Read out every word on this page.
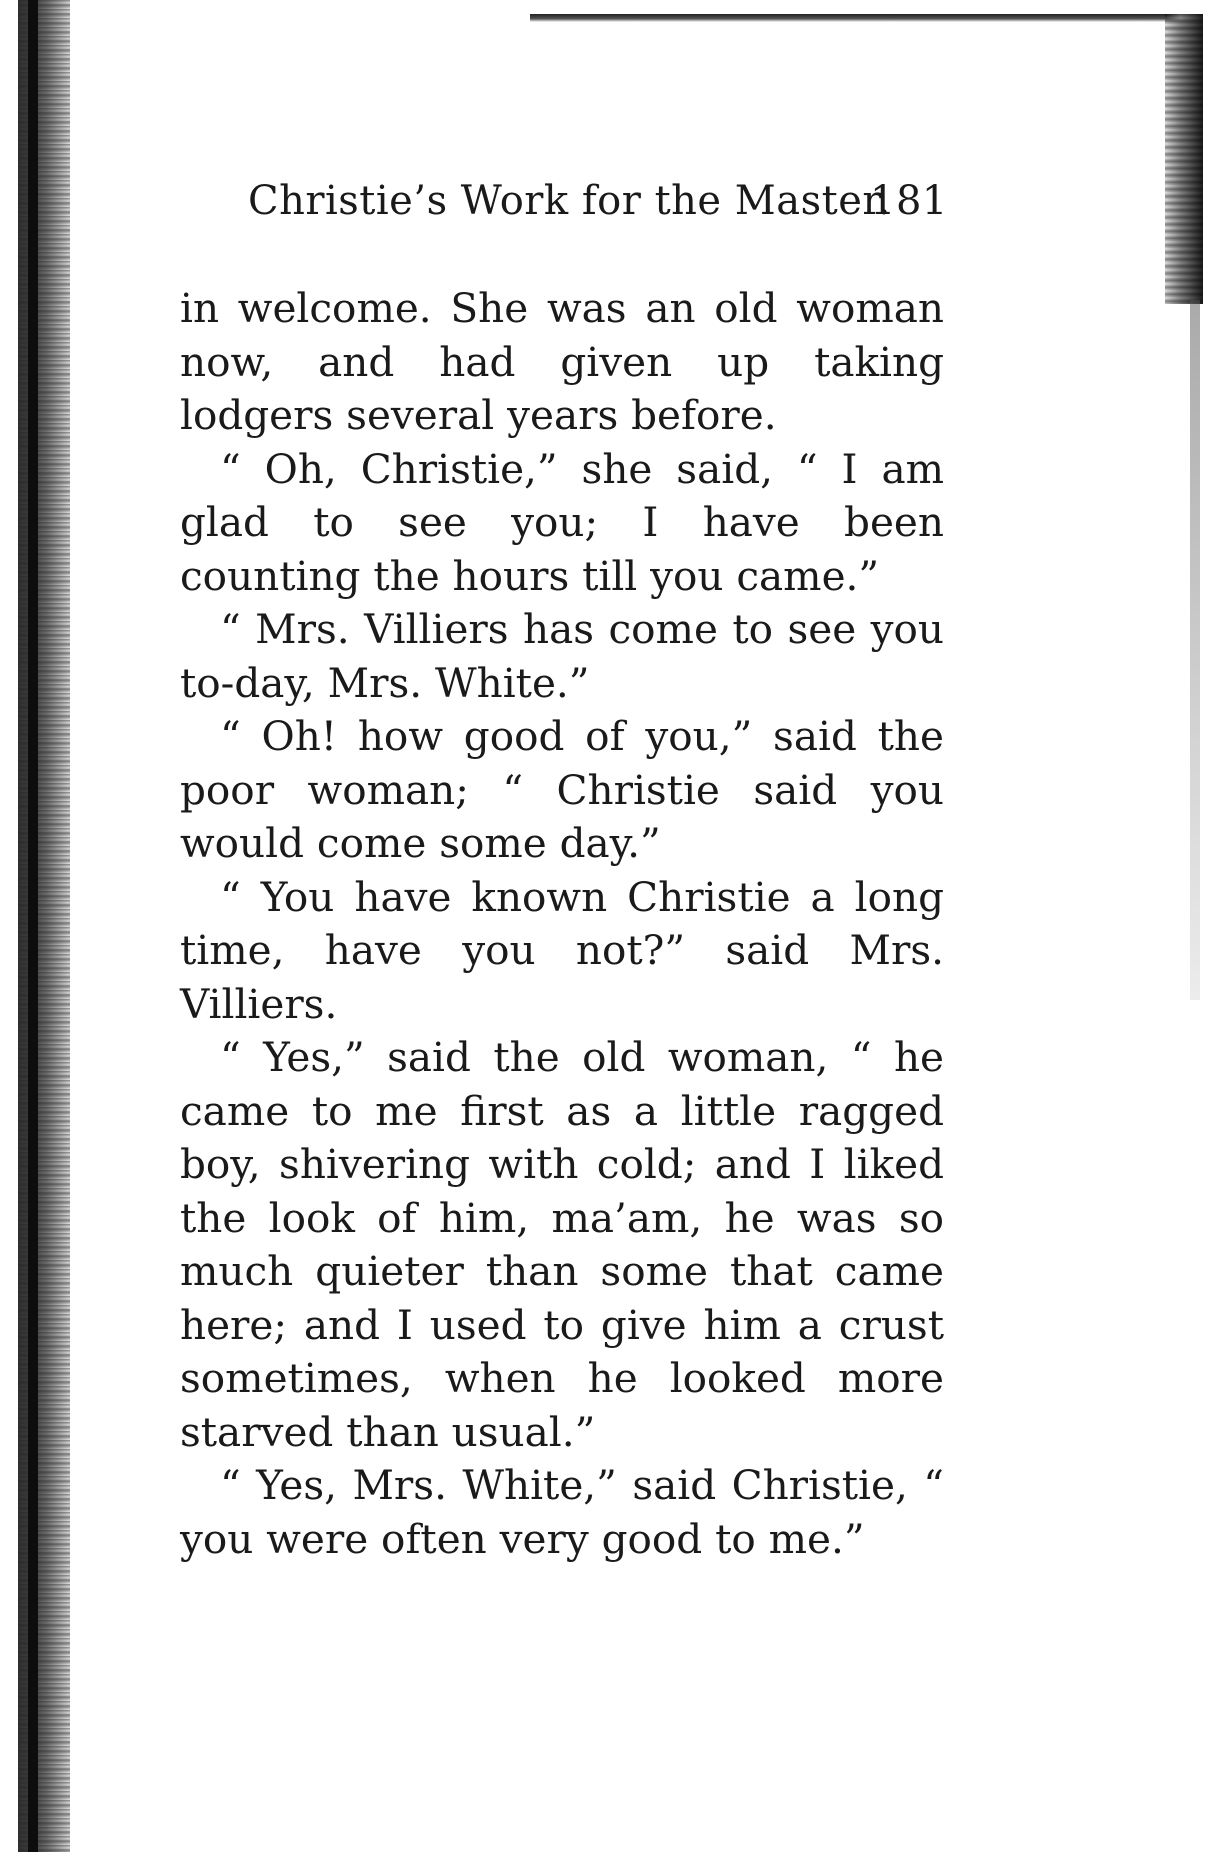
Christie’s Work for the Master.
181

in welcome. She was an old woman now, and had given up taking lodgers several years before.

“ Oh, Christie,” she said, “ I am glad to see you; I have been counting the hours till you came.”

“ Mrs. Villiers has come to see you to-day, Mrs. White.”

“ Oh! how good of you,” said the poor woman; “ Christie said you would come some day.”

“ You have known Christie a long time, have you not?” said Mrs. Villiers.

“ Yes,” said the old woman, “ he came to me first as a little ragged boy, shivering with cold; and I liked the look of him, ma’am, he was so much quieter than some that came here; and I used to give him a crust sometimes, when he looked more starved than usual.”

“ Yes, Mrs. White,” said Christie, “ you were often very good to me.”
